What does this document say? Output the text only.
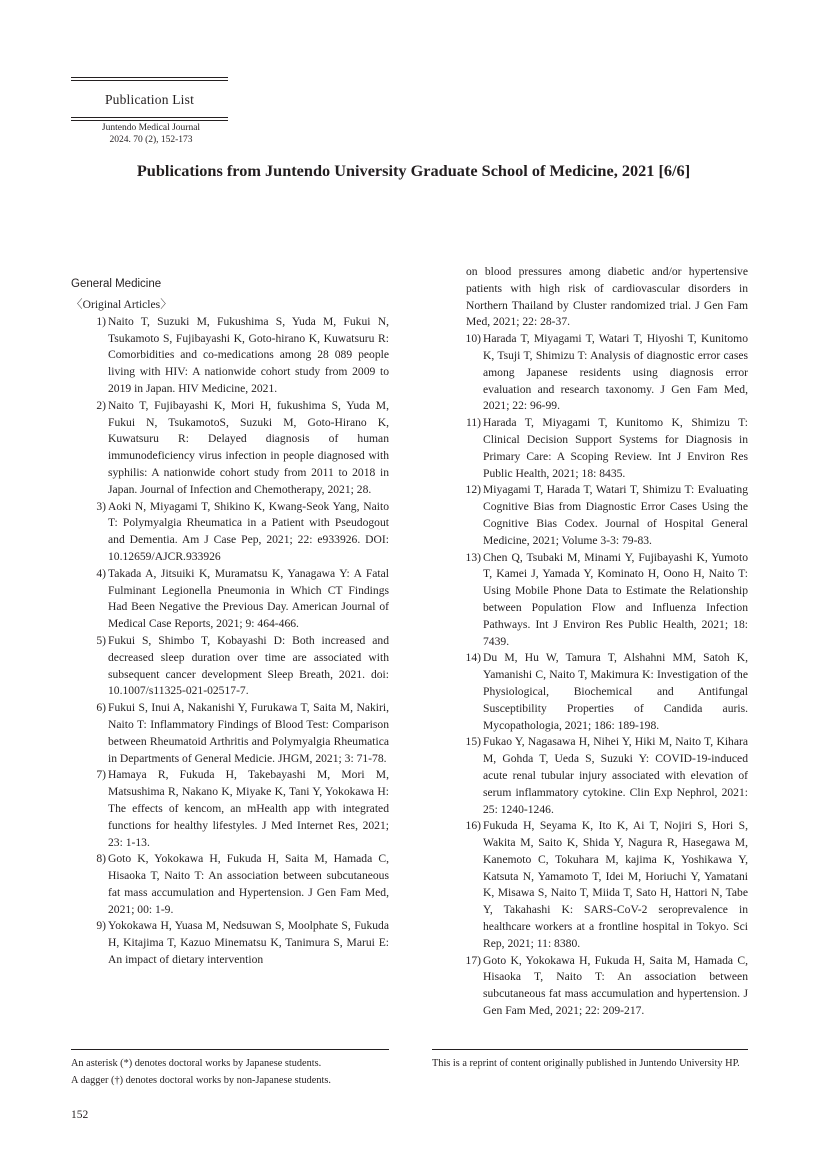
Publication List
Juntendo Medical Journal
2024. 70 (2), 152-173
Publications from Juntendo University Graduate School of Medicine, 2021 [6/6]
General Medicine
〈Original Articles〉
1) Naito T, Suzuki M, Fukushima S, Yuda M, Fukui N, Tsukamoto S, Fujibayashi K, Goto-hirano K, Kuwatsuru R: Comorbidities and co-medications among 28 089 people living with HIV: A nationwide cohort study from 2009 to 2019 in Japan. HIV Medicine, 2021.
2) Naito T, Fujibayashi K, Mori H, fukushima S, Yuda M, Fukui N, TsukamotoS, Suzuki M, Goto-Hirano K, Kuwatsuru R: Delayed diagnosis of human immunodeficiency virus infection in people diagnosed with syphilis: A nationwide cohort study from 2011 to 2018 in Japan. Journal of Infection and Chemotherapy, 2021; 28.
3) Aoki N, Miyagami T, Shikino K, Kwang-Seok Yang, Naito T: Polymyalgia Rheumatica in a Patient with Pseudogout and Dementia. Am J Case Pep, 2021; 22: e933926. DOI: 10.12659/AJCR.933926
4) Takada A, Jitsuiki K, Muramatsu K, Yanagawa Y: A Fatal Fulminant Legionella Pneumonia in Which CT Findings Had Been Negative the Previous Day. American Journal of Medical Case Reports, 2021; 9: 464-466.
5) Fukui S, Shimbo T, Kobayashi D: Both increased and decreased sleep duration over time are associated with subsequent cancer development Sleep Breath, 2021. doi: 10.1007/s11325-021-02517-7.
6) Fukui S, Inui A, Nakanishi Y, Furukawa T, Saita M, Nakiri, Naito T: Inflammatory Findings of Blood Test: Comparison between Rheumatoid Arthritis and Polymyalgia Rheumatica in Departments of General Medicie. JHGM, 2021; 3: 71-78.
7) Hamaya R, Fukuda H, Takebayashi M, Mori M, Matsushima R, Nakano K, Miyake K, Tani Y, Yokokawa H: The effects of kencom, an mHealth app with integrated functions for healthy lifestyles. J Med Internet Res, 2021; 23: 1-13.
8) Goto K, Yokokawa H, Fukuda H, Saita M, Hamada C, Hisaoka T, Naito T: An association between subcutaneous fat mass accumulation and Hypertension. J Gen Fam Med, 2021; 00: 1-9.
9) Yokokawa H, Yuasa M, Nedsuwan S, Moolphate S, Fukuda H, Kitajima T, Kazuo Minematsu K, Tanimura S, Marui E: An impact of dietary intervention
on blood pressures among diabetic and/or hypertensive patients with high risk of cardiovascular disorders in Northern Thailand by Cluster randomized trial. J Gen Fam Med, 2021; 22: 28-37.
10) Harada T, Miyagami T, Watari T, Hiyoshi T, Kunitomo K, Tsuji T, Shimizu T: Analysis of diagnostic error cases among Japanese residents using diagnosis error evaluation and research taxonomy. J Gen Fam Med, 2021; 22: 96-99.
11) Harada T, Miyagami T, Kunitomo K, Shimizu T: Clinical Decision Support Systems for Diagnosis in Primary Care: A Scoping Review. Int J Environ Res Public Health, 2021; 18: 8435.
12) Miyagami T, Harada T, Watari T, Shimizu T: Evaluating Cognitive Bias from Diagnostic Error Cases Using the Cognitive Bias Codex. Journal of Hospital General Medicine, 2021; Volume 3-3: 79-83.
13) Chen Q, Tsubaki M, Minami Y, Fujibayashi K, Yumoto T, Kamei J, Yamada Y, Kominato H, Oono H, Naito T: Using Mobile Phone Data to Estimate the Relationship between Population Flow and Influenza Infection Pathways. Int J Environ Res Public Health, 2021; 18: 7439.
14) Du M, Hu W, Tamura T, Alshahni MM, Satoh K, Yamanishi C, Naito T, Makimura K: Investigation of the Physiological, Biochemical and Antifungal Susceptibility Properties of Candida auris. Mycopathologia, 2021; 186: 189-198.
15) Fukao Y, Nagasawa H, Nihei Y, Hiki M, Naito T, Kihara M, Gohda T, Ueda S, Suzuki Y: COVID-19-induced acute renal tubular injury associated with elevation of serum inflammatory cytokine. Clin Exp Nephrol, 2021: 25: 1240-1246.
16) Fukuda H, Seyama K, Ito K, Ai T, Nojiri S, Hori S, Wakita M, Saito K, Shida Y, Nagura R, Hasegawa M, Kanemoto C, Tokuhara M, kajima K, Yoshikawa Y, Katsuta N, Yamamoto T, Idei M, Horiuchi Y, Yamatani K, Misawa S, Naito T, Miida T, Sato H, Hattori N, Tabe Y, Takahashi K: SARS-CoV-2 seroprevalence in healthcare workers at a frontline hospital in Tokyo. Sci Rep, 2021; 11: 8380.
17) Goto K, Yokokawa H, Fukuda H, Saita M, Hamada C, Hisaoka T, Naito T: An association between subcutaneous fat mass accumulation and hypertension. J Gen Fam Med, 2021; 22: 209-217.
An asterisk (*) denotes doctoral works by Japanese students.
A dagger (†) denotes doctoral works by non-Japanese students.
This is a reprint of content originally published in Juntendo University HP.
152
